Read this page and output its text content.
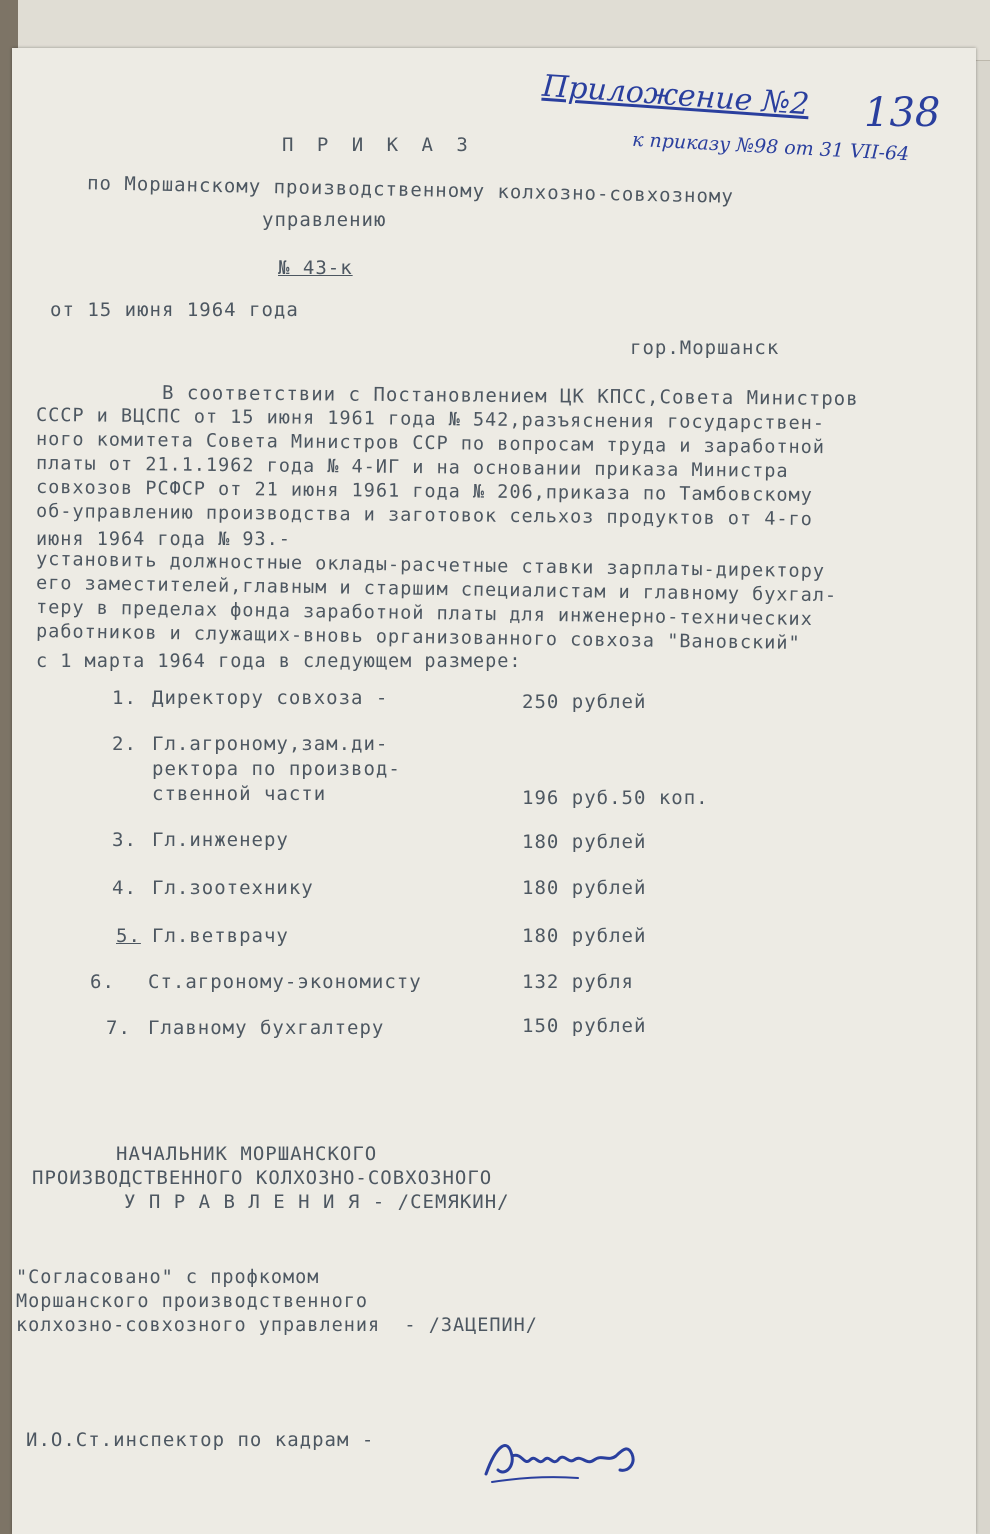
Приложение №2 138
к приказу №98 от 31 VII-64
П Р И К А З
по Моршанскому производственному колхозно-совхозному
управлению
№ 43-к
от 15 июня 1964 года
гор.Моршанск
В соответствии с Постановлением ЦК КПСС,Совета Министров
СССР и ВЦСПС от 15 июня 1961 года № 542,разъяснения государствен-
ного комитета Совета Министров ССР по вопросам труда и заработной
платы от 21.1.1962 года № 4-ИГ и на основании приказа Министра
совхозов РСФСР от 21 июня 1961 года № 206,приказа по Тамбовскому
об-управлению производства и заготовок сельхоз продуктов от 4-го
июня 1964 года № 93.-
установить должностные оклады-расчетные ставки зарплаты-директору
его заместителей,главным и старшим специалистам и главному бухгал-
теру в пределах фонда заработной платы для инженерно-технических
работников и служащих-вновь организованного совхоза "Вановский"
с 1 марта 1964 года в следующем размере:
1. Директору совхоза -	250 рублей
2. Гл.агроному,зам.ди-
ректора по производ-
ственной части	196 руб.50 коп.
3. Гл.инженеру	180 рублей
4. Гл.зоотехнику	180 рублей
5. Гл.ветврачу	180 рублей
6. Ст.агроному-экономисту	132 рубля
7. Главному бухгалтеру	150 рублей
НАЧАЛЬНИК МОРШАНСКОГО
ПРОИЗВОДСТВЕННОГО КОЛХОЗНО-СОВХОЗНОГО
У П Р А В Л Е Н И Я - /СЕМЯКИН/
"Согласовано" с профкомом
Моршанского производственного
колхозно-совхозного управления  - /ЗАЦЕПИН/
И.О.Ст.инспектор по кадрам -
